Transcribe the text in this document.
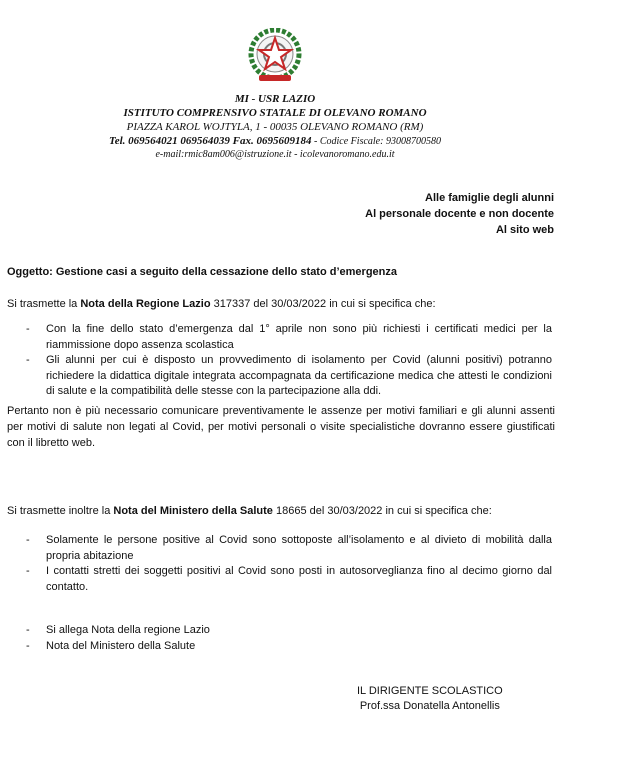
MI - USR LAZIO
ISTITUTO COMPRENSIVO STATALE DI OLEVANO ROMANO
PIAZZA KAROL WOJTYLA, 1 - 00035 OLEVANO ROMANO (RM)
Tel. 069564021 069564039 Fax. 0695609184 - Codice Fiscale: 93008700580
e-mail:rmic8am006@istruzione.it - icolevanoromano.edu.it
Alle famiglie degli alunni
Al personale docente e non docente
Al sito web
Oggetto: Gestione casi a seguito della cessazione dello stato d’emergenza
Si trasmette la Nota della Regione Lazio 317337 del 30/03/2022 in cui si specifica che:
- Con la fine dello stato d’emergenza dal 1° aprile non sono più richiesti i certificati medici per la riammissione dopo assenza scolastica
- Gli alunni per cui è disposto un provvedimento di isolamento per Covid (alunni positivi) potranno richiedere la didattica digitale integrata accompagnata da certificazione medica che attesti le condizioni di salute e la compatibilità delle stesse con la partecipazione alla ddi.
Pertanto non è più necessario comunicare preventivamente le assenze per motivi familiari e gli alunni assenti per motivi di salute non legati al Covid, per motivi personali o visite specialistiche dovranno essere giustificati con il libretto web.
Si trasmette inoltre la Nota del Ministero della Salute 18665 del 30/03/2022 in cui si specifica che:
- Solamente le persone positive al Covid sono sottoposte all’isolamento e al divieto di mobilità dalla propria abitazione
- I contatti stretti dei soggetti positivi al Covid sono posti in autosorveglianza fino al decimo giorno dal contatto.
- Si allega Nota della regione Lazio
- Nota del Ministero della Salute
IL DIRIGENTE SCOLASTICO
Prof.ssa Donatella Antonellis
